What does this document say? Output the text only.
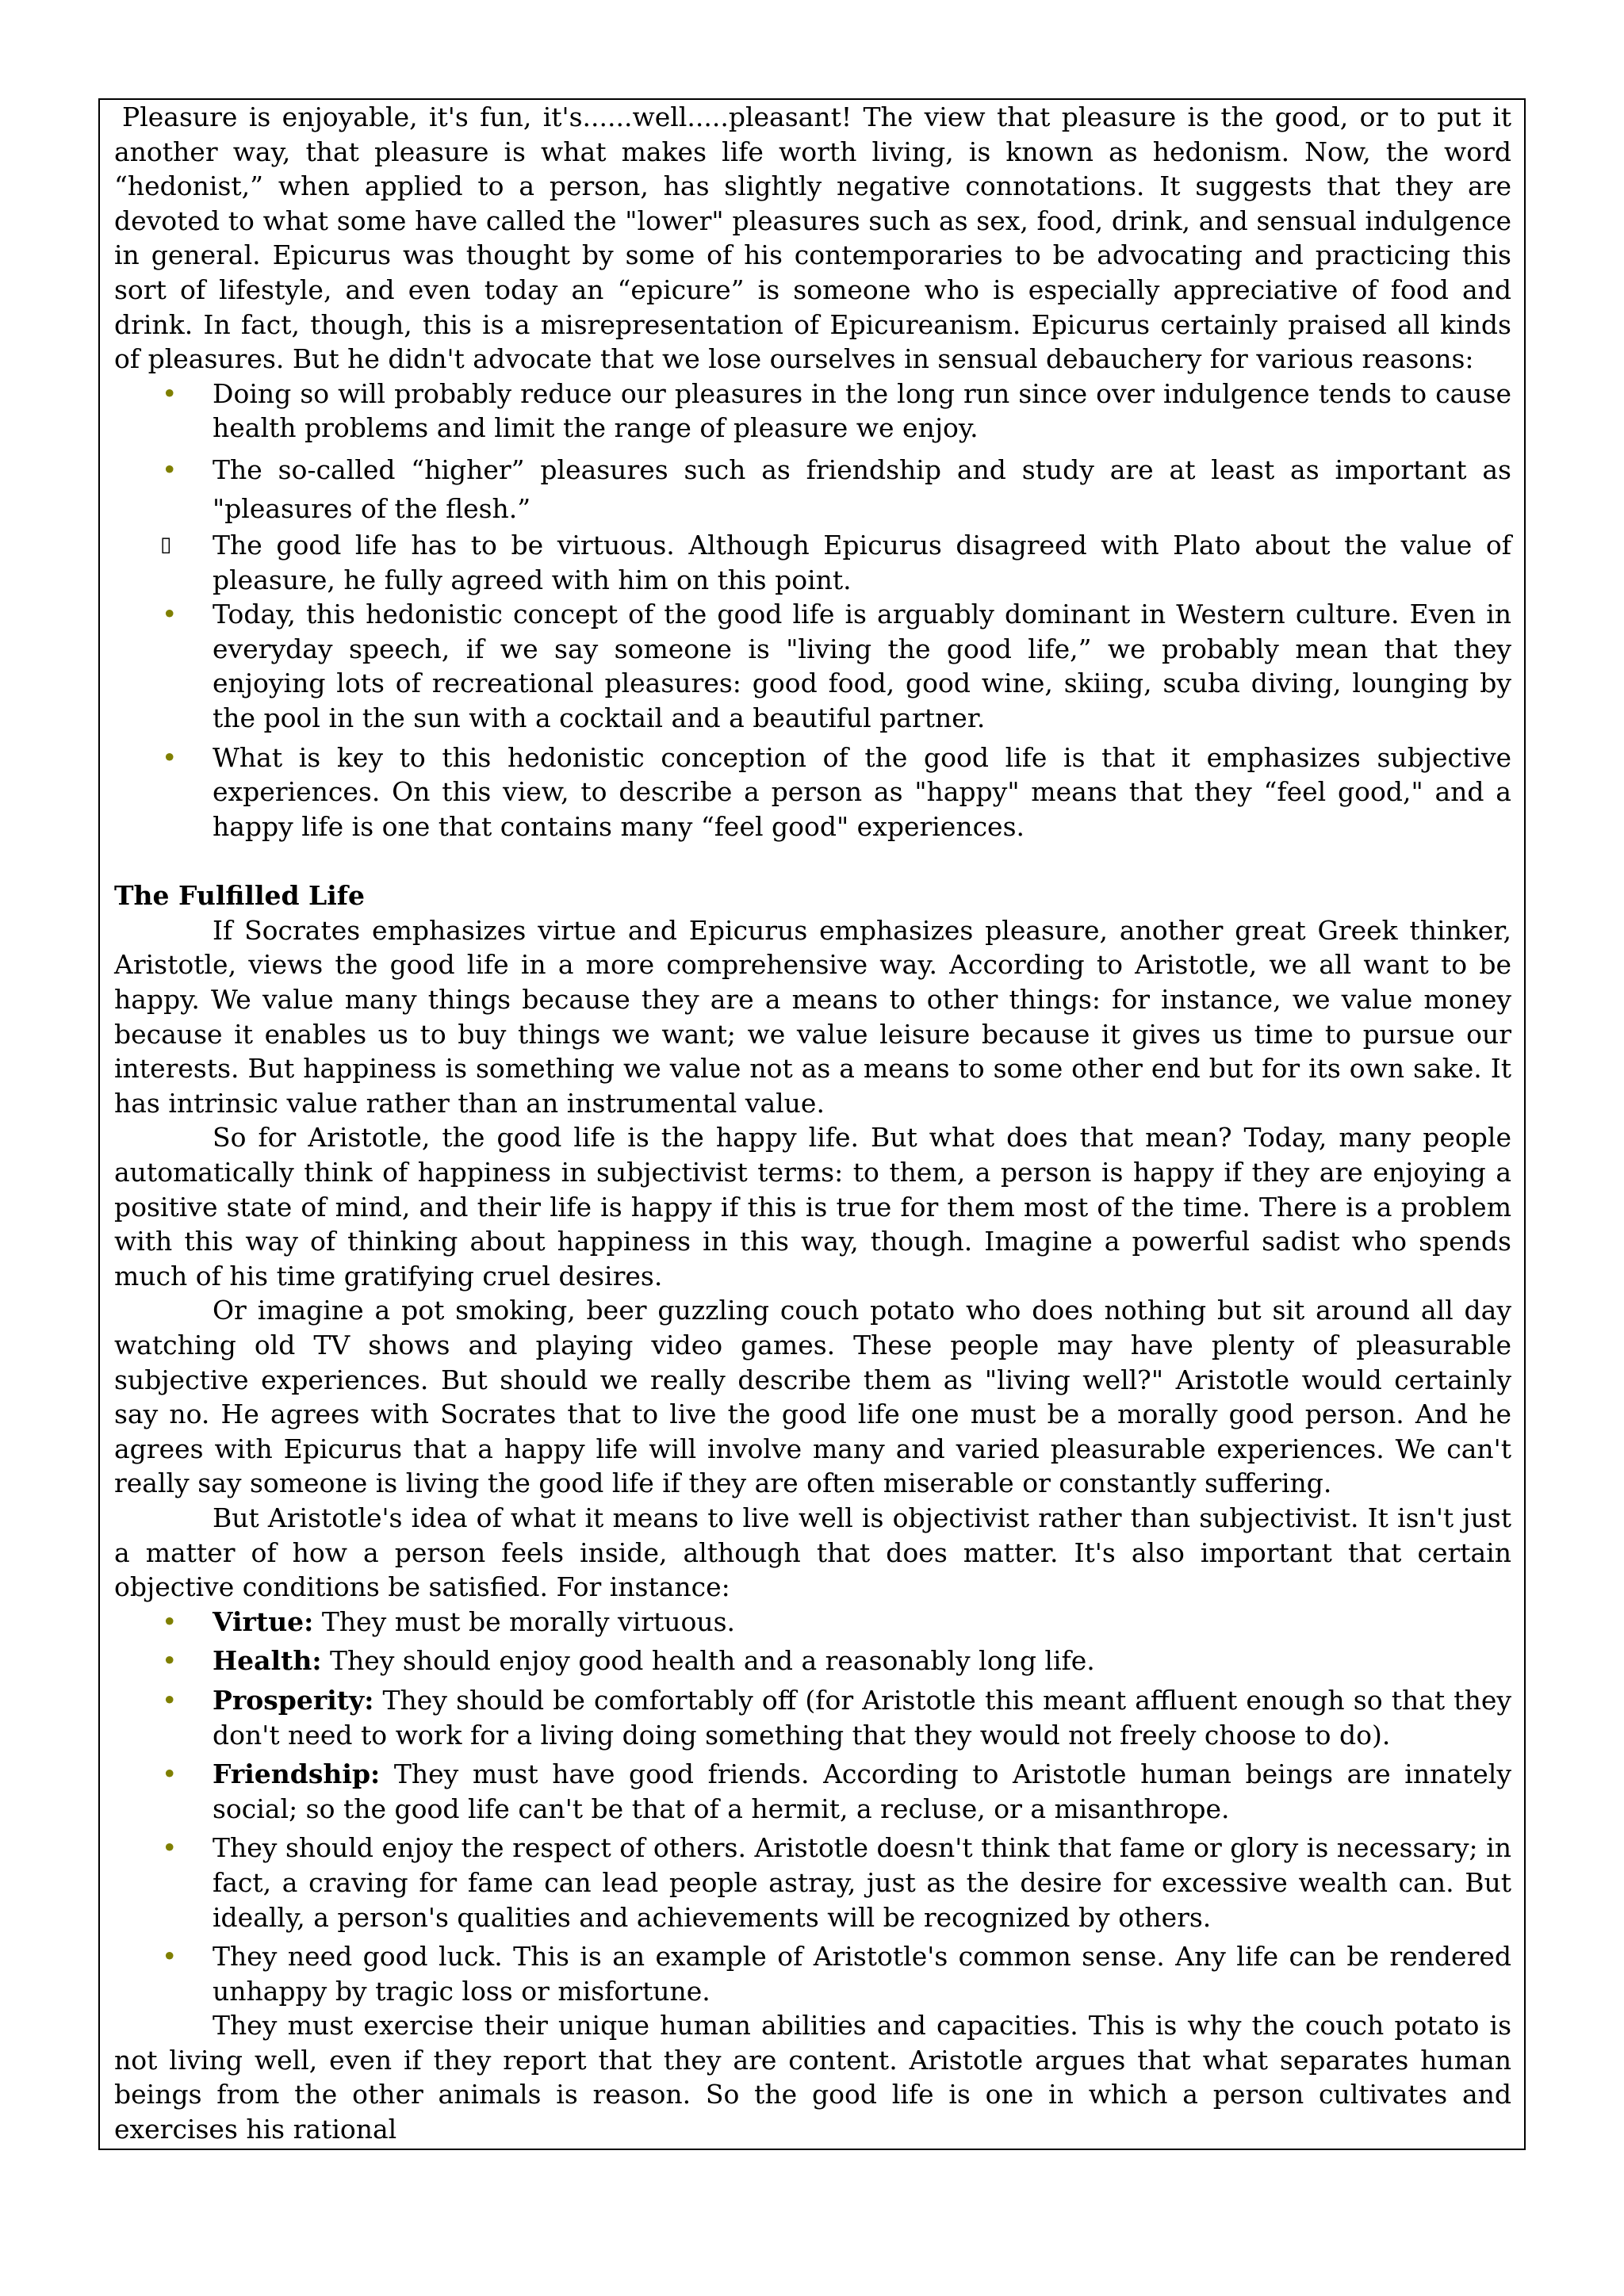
Pleasure is enjoyable, it's fun, it's......well.....pleasant! The view that pleasure is the good, or to put it another way, that pleasure is what makes life worth living, is known as hedonism. Now, the word “hedonist,” when applied to a person, has slightly negative connotations. It suggests that they are devoted to what some have called the "lower" pleasures such as sex, food, drink, and sensual indulgence in general. Epicurus was thought by some of his contemporaries to be advocating and practicing this sort of lifestyle, and even today an “epicure” is someone who is especially appreciative of food and drink. In fact, though, this is a misrepresentation of Epicureanism. Epicurus certainly praised all kinds of pleasures. But he didn't advocate that we lose ourselves in sensual debauchery for various reasons:

• Doing so will probably reduce our pleasures in the long run since over indulgence tends to cause health problems and limit the range of pleasure we enjoy.
• The so-called “higher” pleasures such as friendship and study are at least as important as "pleasures of the flesh.”
▯ The good life has to be virtuous. Although Epicurus disagreed with Plato about the value of pleasure, he fully agreed with him on this point.
• Today, this hedonistic concept of the good life is arguably dominant in Western culture. Even in everyday speech, if we say someone is "living the good life,” we probably mean that they enjoying lots of recreational pleasures: good food, good wine, skiing, scuba diving, lounging by the pool in the sun with a cocktail and a beautiful partner.
• What is key to this hedonistic conception of the good life is that it emphasizes subjective experiences. On this view, to describe a person as "happy" means that they “feel good," and a happy life is one that contains many “feel good" experiences.

The Fulfilled Life

If Socrates emphasizes virtue and Epicurus emphasizes pleasure, another great Greek thinker, Aristotle, views the good life in a more comprehensive way. According to Aristotle, we all want to be happy. We value many things because they are a means to other things: for instance, we value money because it enables us to buy things we want; we value leisure because it gives us time to pursue our interests. But happiness is something we value not as a means to some other end but for its own sake. It has intrinsic value rather than an instrumental value.

So for Aristotle, the good life is the happy life. But what does that mean? Today, many people automatically think of happiness in subjectivist terms: to them, a person is happy if they are enjoying a positive state of mind, and their life is happy if this is true for them most of the time. There is a problem with this way of thinking about happiness in this way, though. Imagine a powerful sadist who spends much of his time gratifying cruel desires.

Or imagine a pot smoking, beer guzzling couch potato who does nothing but sit around all day watching old TV shows and playing video games. These people may have plenty of pleasurable subjective experiences. But should we really describe them as "living well?" Aristotle would certainly say no. He agrees with Socrates that to live the good life one must be a morally good person. And he agrees with Epicurus that a happy life will involve many and varied pleasurable experiences. We can't really say someone is living the good life if they are often miserable or constantly suffering.

But Aristotle's idea of what it means to live well is objectivist rather than subjectivist. It isn't just a matter of how a person feels inside, although that does matter. It's also important that certain objective conditions be satisfied. For instance:

• Virtue: They must be morally virtuous.
• Health: They should enjoy good health and a reasonably long life.
• Prosperity: They should be comfortably off (for Aristotle this meant affluent enough so that they don't need to work for a living doing something that they would not freely choose to do).
• Friendship: They must have good friends. According to Aristotle human beings are innately social; so the good life can't be that of a hermit, a recluse, or a misanthrope.
• They should enjoy the respect of others. Aristotle doesn't think that fame or glory is necessary; in fact, a craving for fame can lead people astray, just as the desire for excessive wealth can. But ideally, a person's qualities and achievements will be recognized by others.
• They need good luck. This is an example of Aristotle's common sense. Any life can be rendered unhappy by tragic loss or misfortune.

They must exercise their unique human abilities and capacities. This is why the couch potato is not living well, even if they report that they are content. Aristotle argues that what separates human beings from the other animals is reason. So the good life is one in which a person cultivates and exercises his rational
